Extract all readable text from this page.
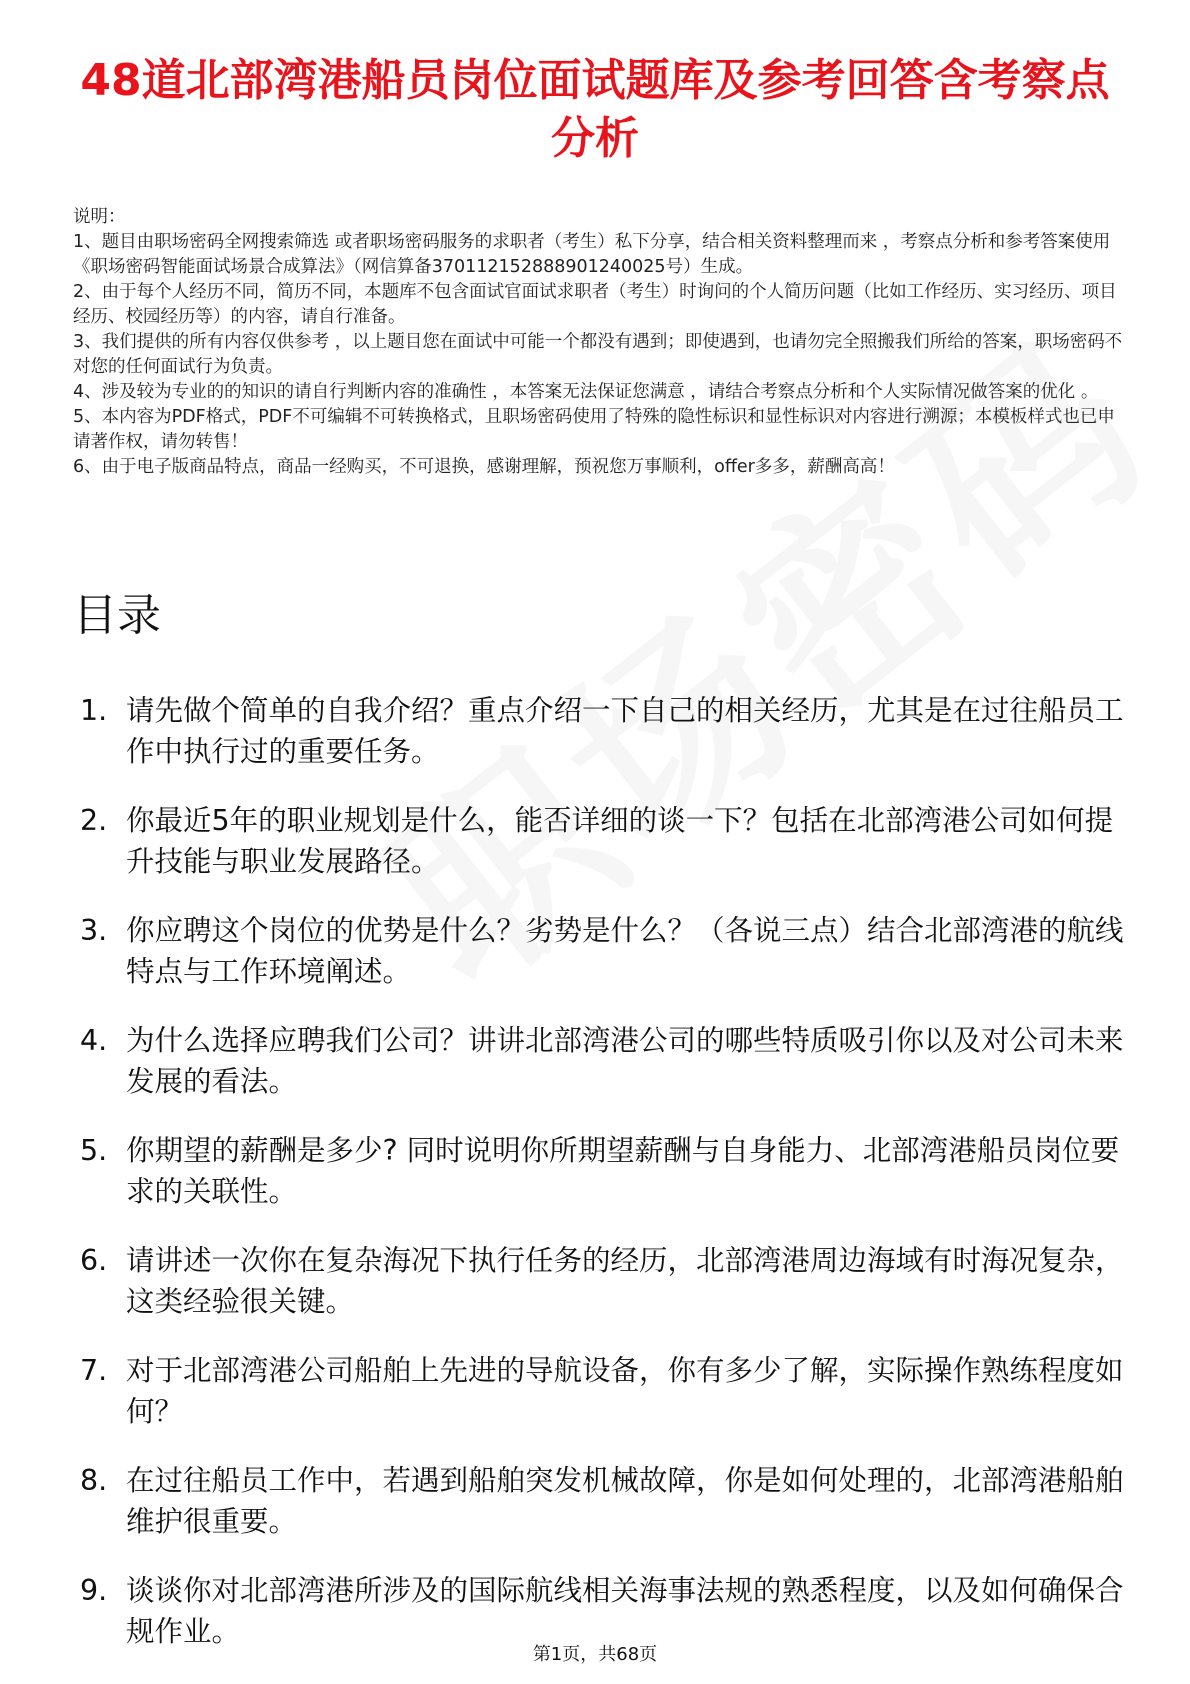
48道北部湾港船员岗位面试题库及参考回答含考察点分析

说明：

1、题目由职场密码全网搜索筛选 或者职场密码服务的求职者（考生）私下分享，结合相关资料整理而来 ，考察点分析和参考答案使用《职场密码智能面试场景合成算法》（网信算备370112152888901240025号）生成。

2、由于每个人经历不同，简历不同，本题库不包含面试官面试求职者（考生）时询问的个人简历问题（比如工作经历、实习经历、项目经历、校园经历等）的内容，请自行准备。

3、我们提供的所有内容仅供参考 ，以上题目您在面试中可能一个都没有遇到；即使遇到，也请勿完全照搬我们所给的答案，职场密码不对您的任何面试行为负责。

4、涉及较为专业的的知识的请自行判断内容的准确性 ，本答案无法保证您满意 ，请结合考察点分析和个人实际情况做答案的优化 。

5、本内容为PDF格式，PDF不可编辑不可转换格式，且职场密码使用了特殊的隐性标识和显性标识对内容进行溯源；本模板样式也已申请著作权，请勿转售！

6、由于电子版商品特点，商品一经购买，不可退换，感谢理解，预祝您万事顺利，offer多多，薪酬高高！

目录
1. 请先做个简单的自我介绍？重点介绍一下自己的相关经历，尤其是在过往船员工作中执行过的重要任务。
2. 你最近5年的职业规划是什么，能否详细的谈一下？包括在北部湾港公司如何提升技能与职业发展路径。
3. 你应聘这个岗位的优势是什么？劣势是什么？（各说三点）结合北部湾港的航线特点与工作环境阐述。
4. 为什么选择应聘我们公司？讲讲北部湾港公司的哪些特质吸引你以及对公司未来发展的看法。
5. 你期望的薪酬是多少? 同时说明你所期望薪酬与自身能力、北部湾港船员岗位要求的关联性。
6. 请讲述一次你在复杂海况下执行任务的经历，北部湾港周边海域有时海况复杂，这类经验很关键。
7. 对于北部湾港公司船舶上先进的导航设备，你有多少了解，实际操作熟练程度如何？
8. 在过往船员工作中，若遇到船舶突发机械故障，你是如何处理的，北部湾港船舶维护很重要。
9. 谈谈你对北部湾港所涉及的国际航线相关海事法规的熟悉程度，以及如何确保合规作业。
第1页，共68页
